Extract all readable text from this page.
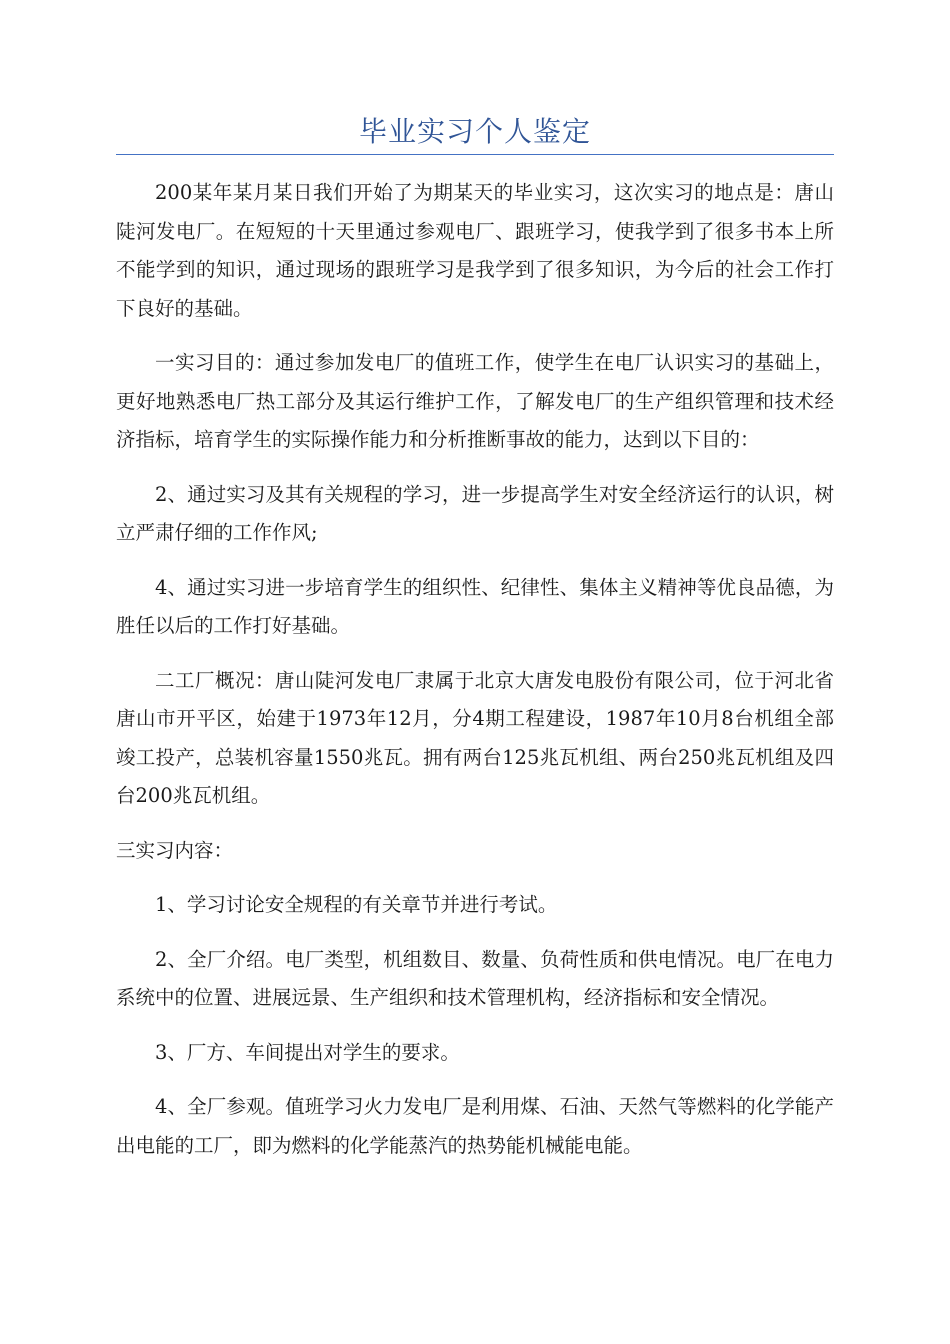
毕业实习个人鉴定

200某年某月某日我们开始了为期某天的毕业实习，这次实习的地点是：唐山陡河发电厂。在短短的十天里通过参观电厂、跟班学习，使我学到了很多书本上所不能学到的知识，通过现场的跟班学习是我学到了很多知识，为今后的社会工作打下良好的基础。

一实习目的：通过参加发电厂的值班工作，使学生在电厂认识实习的基础上，更好地熟悉电厂热工部分及其运行维护工作，了解发电厂的生产组织管理和技术经济指标，培育学生的实际操作能力和分析推断事故的能力，达到以下目的：

2、通过实习及其有关规程的学习，进一步提高学生对安全经济运行的认识，树立严肃仔细的工作作风;

4、通过实习进一步培育学生的组织性、纪律性、集体主义精神等优良品德，为胜任以后的工作打好基础。

二工厂概况：唐山陡河发电厂隶属于北京大唐发电股份有限公司，位于河北省唐山市开平区，始建于1973年12月，分4期工程建设，1987年10月8台机组全部竣工投产，总装机容量1550兆瓦。拥有两台125兆瓦机组、两台250兆瓦机组及四台200兆瓦机组。

三实习内容：

1、学习讨论安全规程的有关章节并进行考试。

2、全厂介绍。电厂类型，机组数目、数量、负荷性质和供电情况。电厂在电力系统中的位置、进展远景、生产组织和技术管理机构，经济指标和安全情况。

3、厂方、车间提出对学生的要求。

4、全厂参观。值班学习火力发电厂是利用煤、石油、天然气等燃料的化学能产出电能的工厂，即为燃料的化学能蒸汽的热势能机械能电能。
